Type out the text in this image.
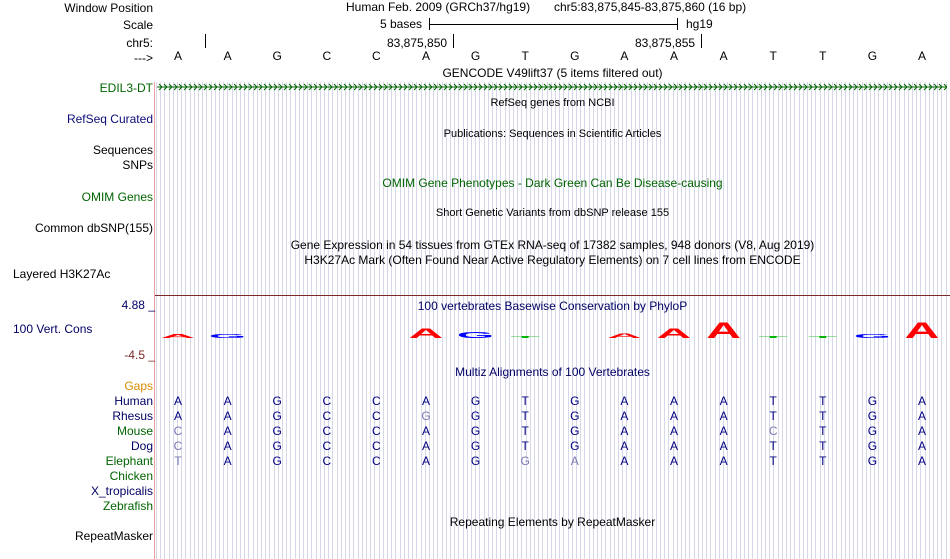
Window Position	Human Feb. 2009 (GRCh37/hg19) chr5:83,875,845-83,875,860 (16 bp)
Scale	5 bases	hg19
chr5:	83,875,850	83,875,855
--->	A	A	G	C	C	A	G	T	G	A	A	A	T	T	G	A
GENCODE V49lift37 (5 items filtered out)
EDIL3-DT
RefSeq genes from NCBI
RefSeq Curated
Publications: Sequences in Scientific Articles
Sequences
SNPs
OMIM Gene Phenotypes - Dark Green Can Be Disease-causing
OMIM Genes
Short Genetic Variants from dbSNP release 155
Common dbSNP(155)
Gene Expression in 54 tissues from GTEx RNA-seq of 17382 samples, 948 donors (V8, Aug 2019)
H3K27Ac Mark (Often Found Near Active Regulatory Elements) on 7 cell lines from ENCODE
Layered H3K27Ac
100 vertebrates Basewise Conservation by PhyloP
4.88 _
100 Vert. Cons
-4.5 _
A G	A G T	A A A T T G A
Multiz Alignments of 100 Vertebrates
Gaps
Human A	A	G	C	C	A	G	T	G	A	A	A	T	T	G	A
Rhesus A	A	G	C	C	G	G	T	G	A	A	A	T	T	G	A
Mouse C	A	G	C	C	A	G	T	G	A	A	A	C	T	G	A
Dog C	A	G	C	C	A	G	T	G	A	A	A	T	T	G	A
Elephant T	A	G	C	C	A	G	G	A	A	A	A	T	T	G	A
Chicken
X_tropicalis
Zebrafish
Repeating Elements by RepeatMasker
RepeatMasker
